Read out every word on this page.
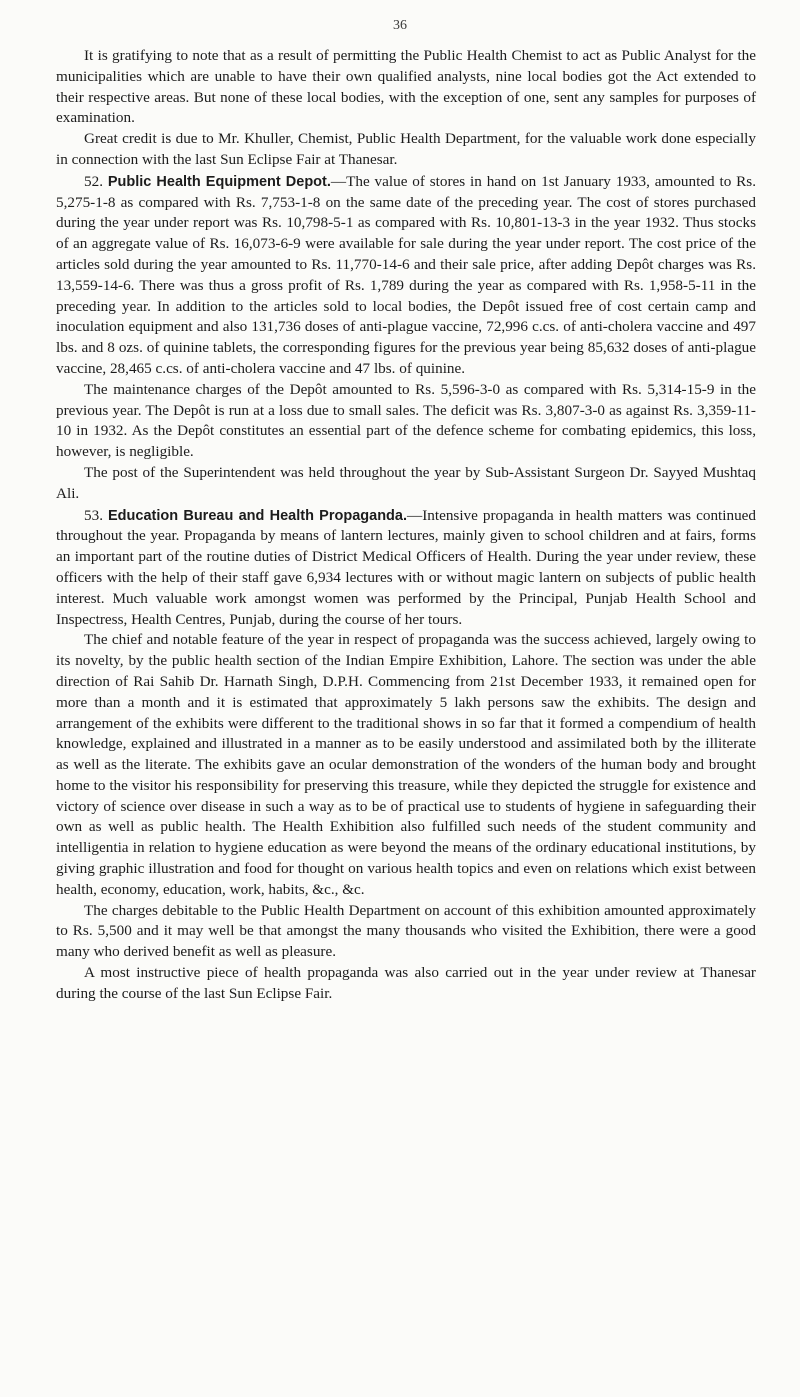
36

It is gratifying to note that as a result of permitting the Public Health Chemist to act as Public Analyst for the municipalities which are unable to have their own qualified analysts, nine local bodies got the Act extended to their respective areas. But none of these local bodies, with the exception of one, sent any samples for purposes of examination.

Great credit is due to Mr. Khuller, Chemist, Public Health Department, for the valuable work done especially in connection with the last Sun Eclipse Fair at Thanesar.

52. Public Health Equipment Depot.—The value of stores in hand on 1st January 1933, amounted to Rs. 5,275-1-8 as compared with Rs. 7,753-1-8 on the same date of the preceding year. The cost of stores purchased during the year under report was Rs. 10,798-5-1 as compared with Rs. 10,801-13-3 in the year 1932. Thus stocks of an aggregate value of Rs. 16,073-6-9 were available for sale during the year under report. The cost price of the articles sold during the year amounted to Rs. 11,770-14-6 and their sale price, after adding Depôt charges was Rs. 13,559-14-6. There was thus a gross profit of Rs. 1,789 during the year as compared with Rs. 1,958-5-11 in the preceding year. In addition to the articles sold to local bodies, the Depôt issued free of cost certain camp and inoculation equipment and also 131,736 doses of anti-plague vaccine, 72,996 c.cs. of anti-cholera vaccine and 497 lbs. and 8 ozs. of quinine tablets, the corresponding figures for the previous year being 85,632 doses of anti-plague vaccine, 28,465 c.cs. of anti-cholera vaccine and 47 lbs. of quinine.

The maintenance charges of the Depôt amounted to Rs. 5,596-3-0 as compared with Rs. 5,314-15-9 in the previous year. The Depôt is run at a loss due to small sales. The deficit was Rs. 3,807-3-0 as against Rs. 3,359-11-10 in 1932. As the Depôt constitutes an essential part of the defence scheme for combating epidemics, this loss, however, is negligible.

The post of the Superintendent was held throughout the year by Sub-Assistant Surgeon Dr. Sayyed Mushtaq Ali.

53. Education Bureau and Health Propaganda.—Intensive propaganda in health matters was continued throughout the year. Propaganda by means of lantern lectures, mainly given to school children and at fairs, forms an important part of the routine duties of District Medical Officers of Health. During the year under review, these officers with the help of their staff gave 6,934 lectures with or without magic lantern on subjects of public health interest. Much valuable work amongst women was performed by the Principal, Punjab Health School and Inspectress, Health Centres, Punjab, during the course of her tours.

The chief and notable feature of the year in respect of propaganda was the success achieved, largely owing to its novelty, by the public health section of the Indian Empire Exhibition, Lahore. The section was under the able direction of Rai Sahib Dr. Harnath Singh, D.P.H. Commencing from 21st December 1933, it remained open for more than a month and it is estimated that approximately 5 lakh persons saw the exhibits. The design and arrangement of the exhibits were different to the traditional shows in so far that it formed a compendium of health knowledge, explained and illustrated in a manner as to be easily understood and assimilated both by the illiterate as well as the literate. The exhibits gave an ocular demonstration of the wonders of the human body and brought home to the visitor his responsibility for preserving this treasure, while they depicted the struggle for existence and victory of science over disease in such a way as to be of practical use to students of hygiene in safeguarding their own as well as public health. The Health Exhibition also fulfilled such needs of the student community and intelligentia in relation to hygiene education as were beyond the means of the ordinary educational institutions, by giving graphic illustration and food for thought on various health topics and even on relations which exist between health, economy, education, work, habits, &c., &c.

The charges debitable to the Public Health Department on account of this exhibition amounted approximately to Rs. 5,500 and it may well be that amongst the many thousands who visited the Exhibition, there were a good many who derived benefit as well as pleasure.

A most instructive piece of health propaganda was also carried out in the year under review at Thanesar during the course of the last Sun Eclipse Fair.
